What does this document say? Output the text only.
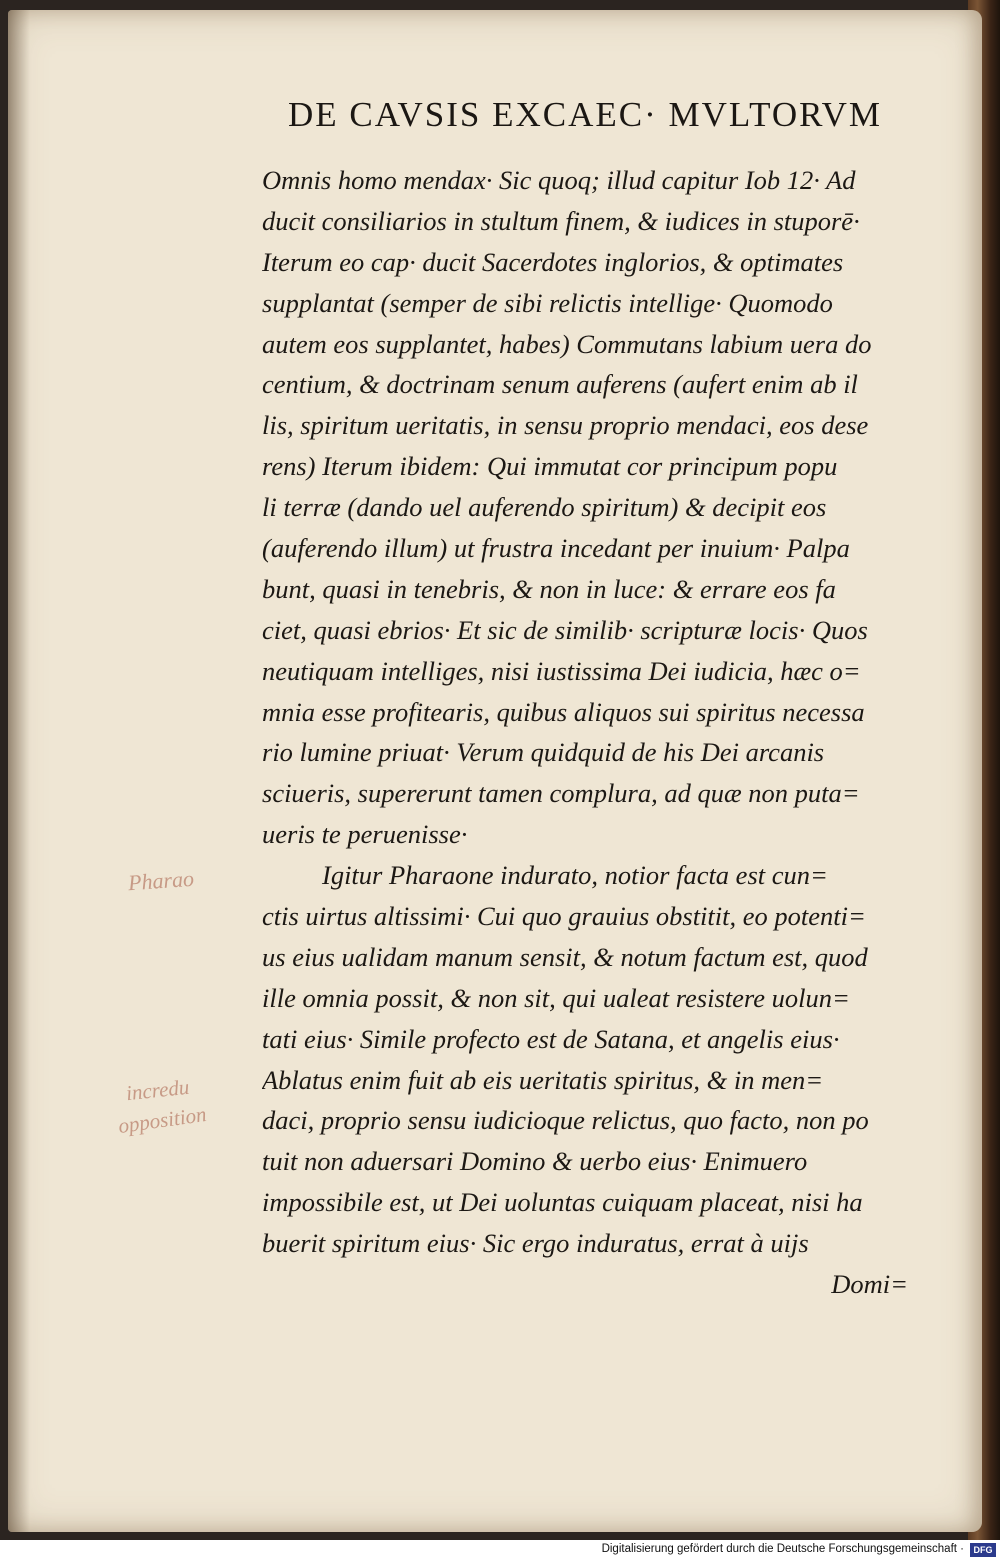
DE CAVSIS EXCAEC· MVLTORVM
Omnis homo mendax· Sic quoq; illud capitur Iob 12· Ad
ducit consiliarios in stultum finem, & iudices in stuporē·
Iterum eo cap· ducit Sacerdotes inglorios, & optimates
supplantat (semper de sibi relictis intellige· Quomodo
autem eos supplantet, habes) Commutans labium uera do
centium, & doctrinam senum auferens (aufert enim ab il
lis, spiritum ueritatis, in sensu proprio mendaci, eos dese
rens) Iterum ibidem: Qui immutat cor principum popu
li terræ (dando uel auferendo spiritum) & decipit eos
(auferendo illum) ut frustra incedant per inuium· Palpa
bunt, quasi in tenebris, & non in luce: & errare eos fa
ciet, quasi ebrios· Et sic de similib· scripturæ locis· Quos
neutiquam intelliges, nisi iustissima Dei iudicia, hæc o=
mnia esse profitearis, quibus aliquos sui spiritus necessa
rio lumine priuat· Verum quidquid de his Dei arcanis
sciueris, supererunt tamen complura, ad quæ non puta=
ueris te peruenisse·
Igitur Pharaone indurato, notior facta est cun=
ctis uirtus altissimi· Cui quo grauius obstitit, eo potenti=
us eius ualidam manum sensit, & notum factum est, quod
ille omnia possit, & non sit, qui ualeat resistere uolun=
tati eius· Simile profecto est de Satana, et angelis eius·
Ablatus enim fuit ab eis ueritatis spiritus, & in men=
daci, proprio sensu iudicioque relictus, quo facto, non po
tuit non aduersari Domino & uerbo eius· Enimuero
impossibile est, ut Dei uoluntas cuiquam placeat, nisi ha
buerit spiritum eius· Sic ergo induratus, errat à uijs
Domi=
Pharao
incredu
opposition
Digitalisierung gefördert durch die Deutsche Forschungsgemeinschaft ·	DFG
